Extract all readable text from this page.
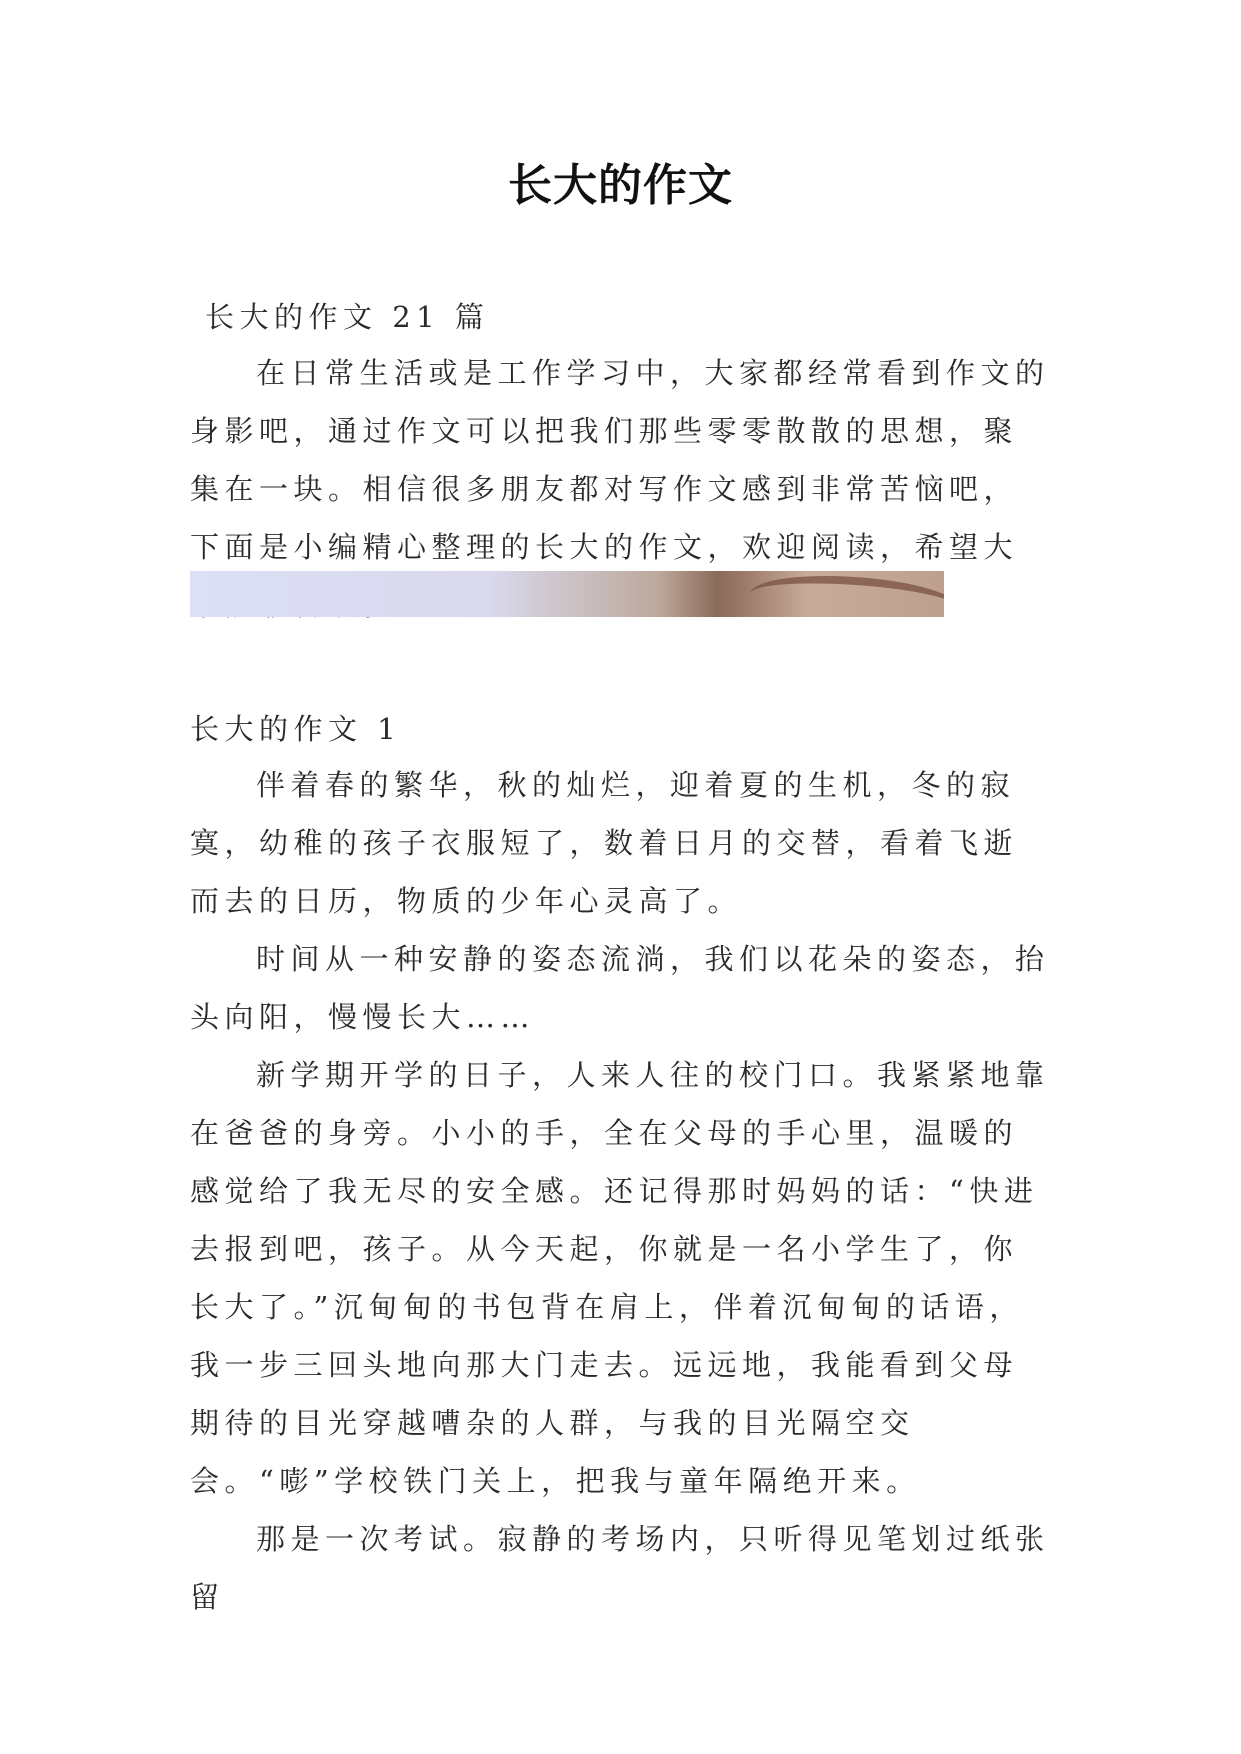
长大的作文
长大的作文 21 篇
在日常生活或是工作学习中，大家都经常看到作文的身影吧，通过作文可以把我们那些零零散散的思想，聚集在一块。相信很多朋友都对写作文感到非常苦恼吧，下面是小编精心整理的长大的作文，欢迎阅读，希望大
长大的作文 1

伴着春的繁华，秋的灿烂，迎着夏的生机，冬的寂寞，幼稚的孩子衣服短了，数着日月的交替，看着飞逝而去的日历，物质的少年心灵高了。

时间从一种安静的姿态流淌，我们以花朵的姿态，抬头向阳，慢慢长大……

新学期开学的日子，人来人往的校门口。我紧紧地靠在爸爸的身旁。小小的手，全在父母的手心里，温暖的感觉给了我无尽的安全感。还记得那时妈妈的话：“快进去报到吧，孩子。从今天起，你就是一名小学生了，你长大了。”沉甸甸的书包背在肩上，伴着沉甸甸的话语，我一步三回头地向那大门走去。远远地，我能看到父母期待的目光穿越嘈杂的人群，与我的目光隔空交会。“嘭”学校铁门关上，把我与童年隔绝开来。

那是一次考试。寂静的考场内，只听得见笔划过纸张留
